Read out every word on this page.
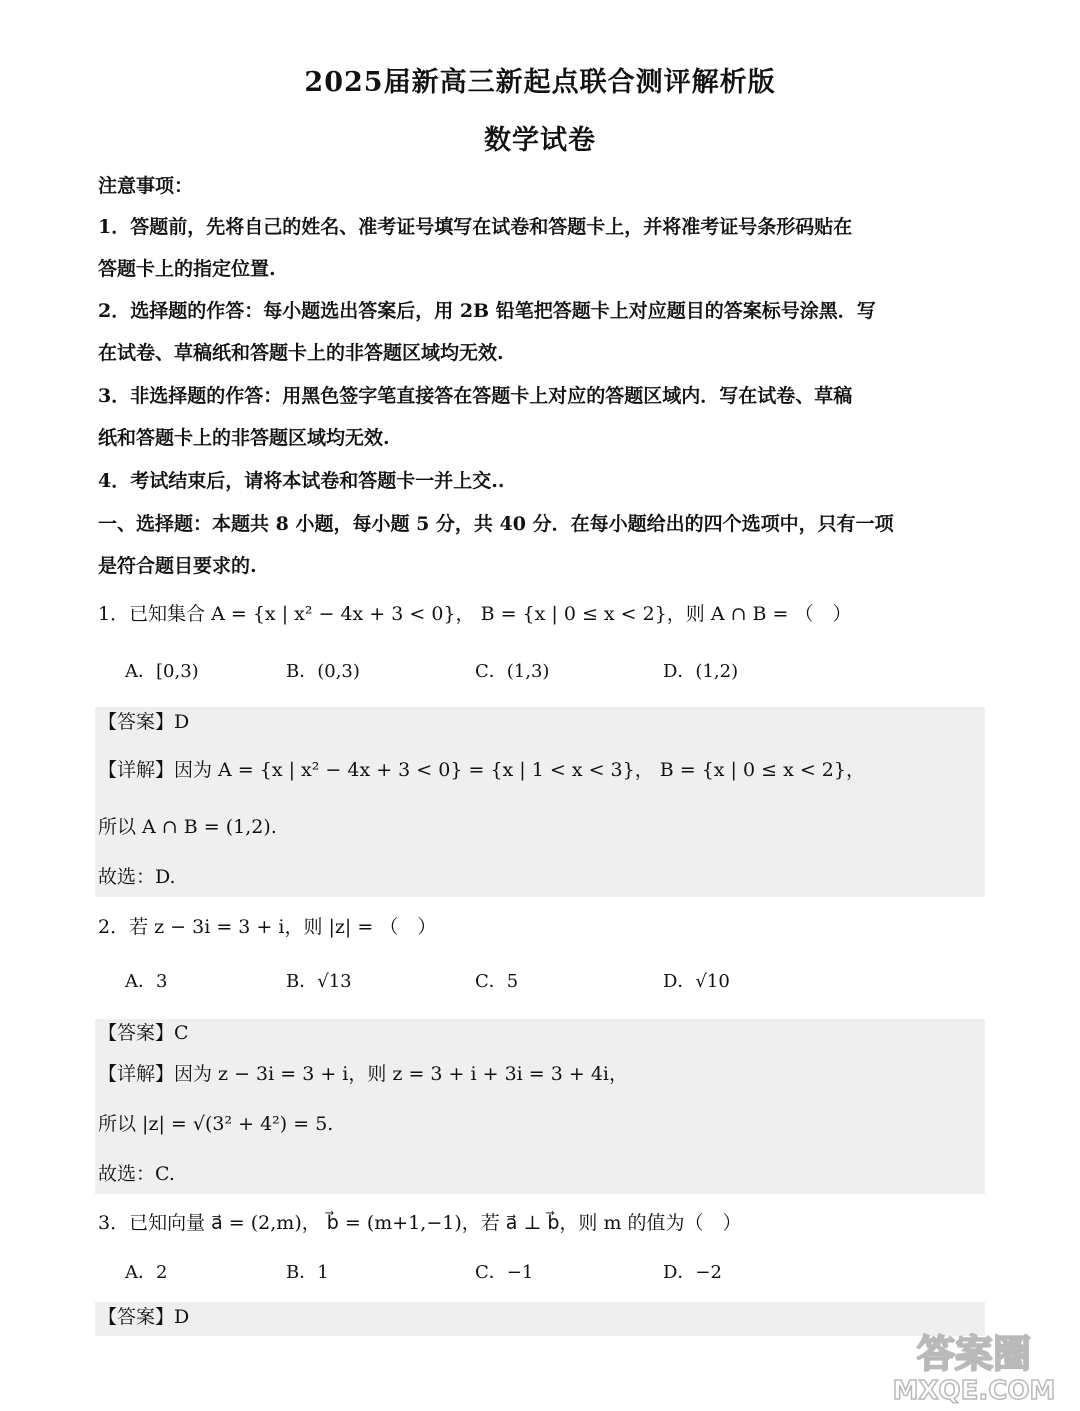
2025届新高三新起点联合测评解析版
数学试卷
注意事项：
1．答题前，先将自己的姓名、准考证号填写在试卷和答题卡上，并将准考证号条形码贴在
答题卡上的指定位置.
2．选择题的作答：每小题选出答案后，用 2B 铅笔把答题卡上对应题目的答案标号涂黑．写
在试卷、草稿纸和答题卡上的非答题区域均无效.
3．非选择题的作答：用黑色签字笔直接答在答题卡上对应的答题区域内．写在试卷、草稿
纸和答题卡上的非答题区域均无效.
4．考试结束后，请将本试卷和答题卡一并上交..
一、选择题：本题共 8 小题，每小题 5 分，共 40 分．在每小题给出的四个选项中，只有一项
是符合题目要求的.
1．已知集合 A = {x | x² − 4x + 3 < 0}， B = {x | 0 ≤ x < 2}，则 A ∩ B = （　）
A．[0,3)	B．(0,3)	C．(1,3)	D．(1,2)
【答案】D
【详解】因为 A = {x | x² − 4x + 3 < 0} = {x | 1 < x < 3}， B = {x | 0 ≤ x < 2}，
所以 A ∩ B = (1,2).
故选：D.
2．若 z − 3i = 3 + i，则 |z| = （　）
A．3	B．√13	C．5	D．√10
【答案】C
【详解】因为 z − 3i = 3 + i，则 z = 3 + i + 3i = 3 + 4i，
所以 |z| = √(3² + 4²) = 5.
故选：C.
3．已知向量 a⃗ = (2,m)， b⃗ = (m+1,−1)，若 a⃗ ⊥ b⃗，则 m 的值为（　）
A．2	B．1	C．−1	D．−2
【答案】D
答案圈
MXQE.COM
